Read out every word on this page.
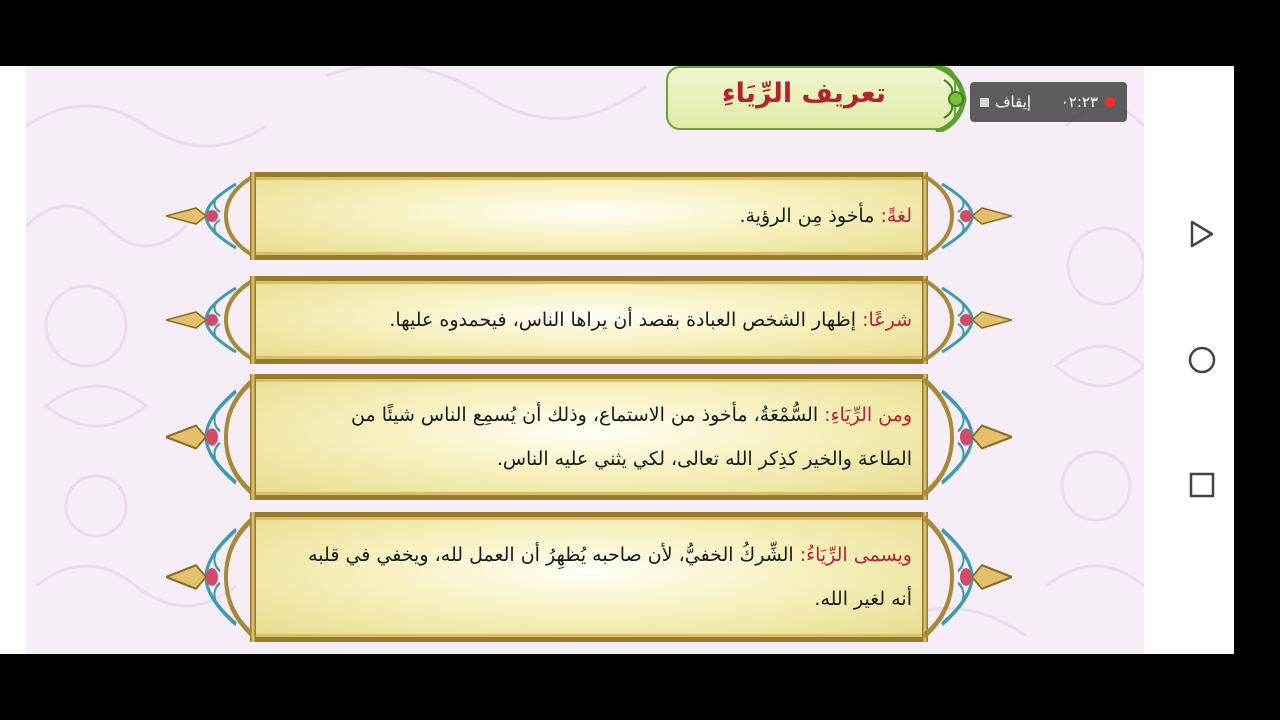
تعريف الرِّيَاءِ
لغةً: مأخوذ مِن الرؤية.
شرعًا: إظهار الشخص العبادة بقصد أن يراها الناس، فيحمدوه عليها.
ومن الرِّيَاءِ: السُّمْعَةُ، مأخوذ من الاستماع، وذلك أن يُسمِع الناس شيئًا من الطاعة والخير كذِكر الله تعالى، لكي يثني عليه الناس.
ويسمى الرِّيَاءُ: الشِّركُ الخفيُّ، لأن صاحبه يُظهِرُ أن العمل لله، ويخفي في قلبه أنه لغير الله.
إيقاف ٠٢:٢٣
